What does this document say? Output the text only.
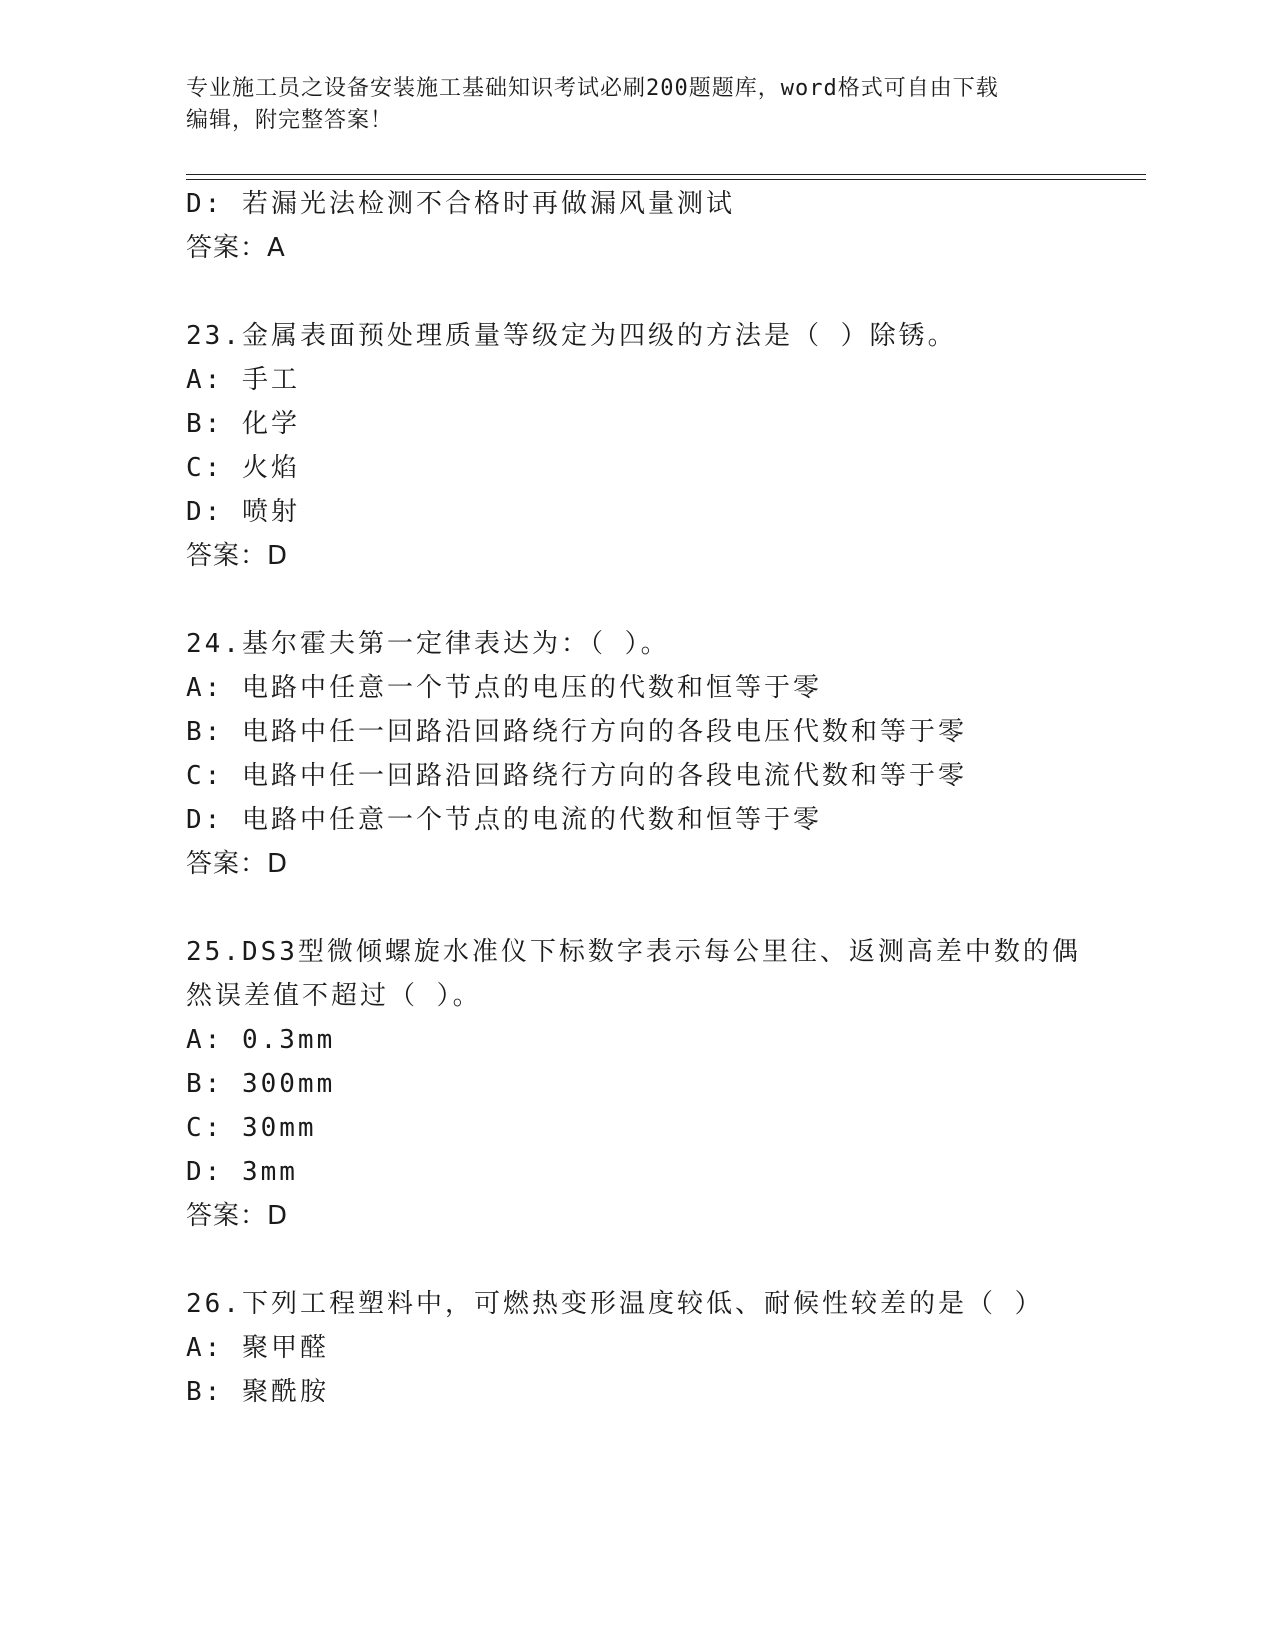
专业施工员之设备安装施工基础知识考试必刷200题题库，word格式可自由下载
编辑，附完整答案！
D: 若漏光法检测不合格时再做漏风量测试
答案：A
23.金属表面预处理质量等级定为四级的方法是（ ）除锈。
A: 手工
B: 化学
C: 火焰
D: 喷射
答案：D
24.基尔霍夫第一定律表达为：（ ）。
A: 电路中任意一个节点的电压的代数和恒等于零
B: 电路中任一回路沿回路绕行方向的各段电压代数和等于零
C: 电路中任一回路沿回路绕行方向的各段电流代数和等于零
D: 电路中任意一个节点的电流的代数和恒等于零
答案：D
25.DS3型微倾螺旋水准仪下标数字表示每公里往、返测高差中数的偶
然误差值不超过（ ）。
A: 0.3mm
B: 300mm
C: 30mm
D: 3mm
答案：D
26.下列工程塑料中，可燃热变形温度较低、耐候性较差的是（ ）
A: 聚甲醛
B: 聚酰胺
